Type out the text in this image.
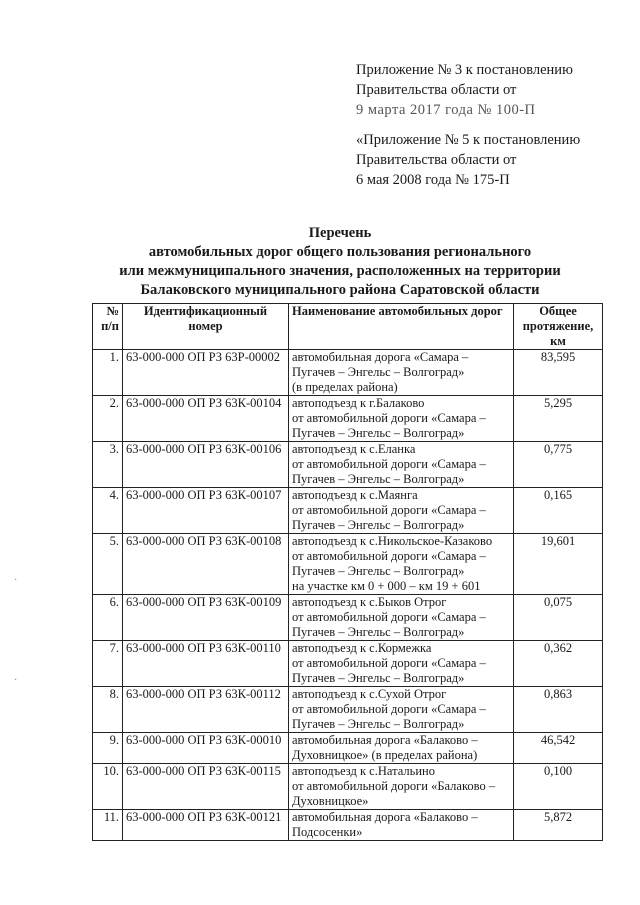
Приложение № 3 к постановлению
Правительства области от
9 марта 2017 года № 100-П
«Приложение № 5 к постановлению
Правительства области от
6 мая 2008 года № 175-П
Перечень
автомобильных дорог общего пользования регионального
или межмуниципального значения, расположенных на территории
Балаковского муниципального района Саратовской области
·
·
№ п/п	Идентификационный номер	Наименование автомобильных дорог	Общее протяжение, км
1.	63-000-000 ОП РЗ 63Р-00002	автомобильная дорога «Самара –
Пугачев – Энгельс – Волгоград»
(в пределах района)	83,595
2.	63-000-000 ОП РЗ 63К-00104	автоподъезд к г.Балаково
от автомобильной дороги «Самара –
Пугачев – Энгельс – Волгоград»	5,295
3.	63-000-000 ОП РЗ 63К-00106	автоподъезд к с.Еланка
от автомобильной дороги «Самара –
Пугачев – Энгельс – Волгоград»	0,775
4.	63-000-000 ОП РЗ 63К-00107	автоподъезд к с.Маянга
от автомобильной дороги «Самара –
Пугачев – Энгельс – Волгоград»	0,165
5.	63-000-000 ОП РЗ 63К-00108	автоподъезд к с.Никольское-Казаково
от автомобильной дороги «Самара –
Пугачев – Энгельс – Волгоград»
на участке км 0 + 000 – км 19 + 601	19,601
6.	63-000-000 ОП РЗ 63К-00109	автоподъезд к с.Быков Отрог
от автомобильной дороги «Самара –
Пугачев – Энгельс – Волгоград»	0,075
7.	63-000-000 ОП РЗ 63К-00110	автоподъезд к с.Кормежка
от автомобильной дороги «Самара –
Пугачев – Энгельс – Волгоград»	0,362
8.	63-000-000 ОП РЗ 63К-00112	автоподъезд к с.Сухой Отрог
от автомобильной дороги «Самара –
Пугачев – Энгельс – Волгоград»	0,863
9.	63-000-000 ОП РЗ 63К-00010	автомобильная дорога «Балаково –
Духовницкое» (в пределах района)	46,542
10.	63-000-000 ОП РЗ 63К-00115	автоподъезд к с.Натальино
от автомобильной дороги «Балаково –
Духовницкое»	0,100
11.	63-000-000 ОП РЗ 63К-00121	автомобильная дорога «Балаково –
Подсосенки»	5,872
